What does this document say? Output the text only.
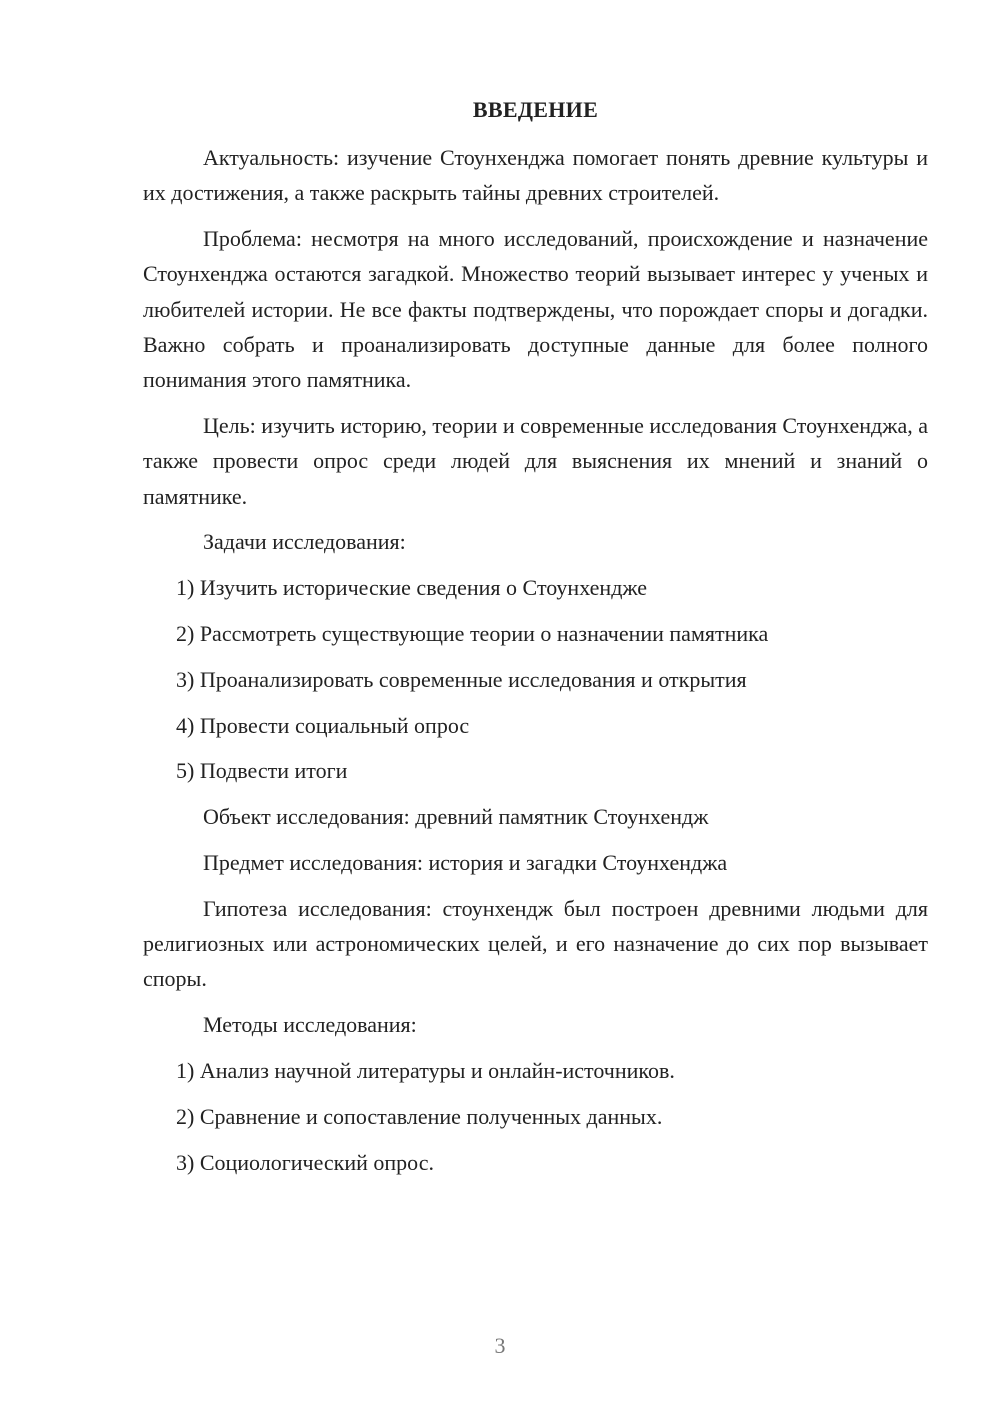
ВВЕДЕНИЕ

Актуальность: изучение Стоунхенджа помогает понять древние культуры и их достижения, а также раскрыть тайны древних строителей.

Проблема: несмотря на много исследований, происхождение и назначение Стоунхенджа остаются загадкой. Множество теорий вызывает интерес у ученых и любителей истории. Не все факты подтверждены, что порождает споры и догадки. Важно собрать и проанализировать доступные данные для более полного понимания этого памятника.

Цель: изучить историю, теории и современные исследования Стоунхенджа, а также провести опрос среди людей для выяснения их мнений и знаний о памятнике.

Задачи исследования:

1) Изучить исторические сведения о Стоунхендже
2) Рассмотреть существующие теории о назначении памятника
3) Проанализировать современные исследования и открытия
4) Провести социальный опрос
5) Подвести итоги

Объект исследования: древний памятник Стоунхендж

Предмет исследования: история и загадки Стоунхенджа

Гипотеза исследования: стоунхендж был построен древними людьми для религиозных или астрономических целей, и его назначение до сих пор вызывает споры.

Методы исследования:

1) Анализ научной литературы и онлайн-источников.
2) Сравнение и сопоставление полученных данных.
3) Социологический опрос.
3
